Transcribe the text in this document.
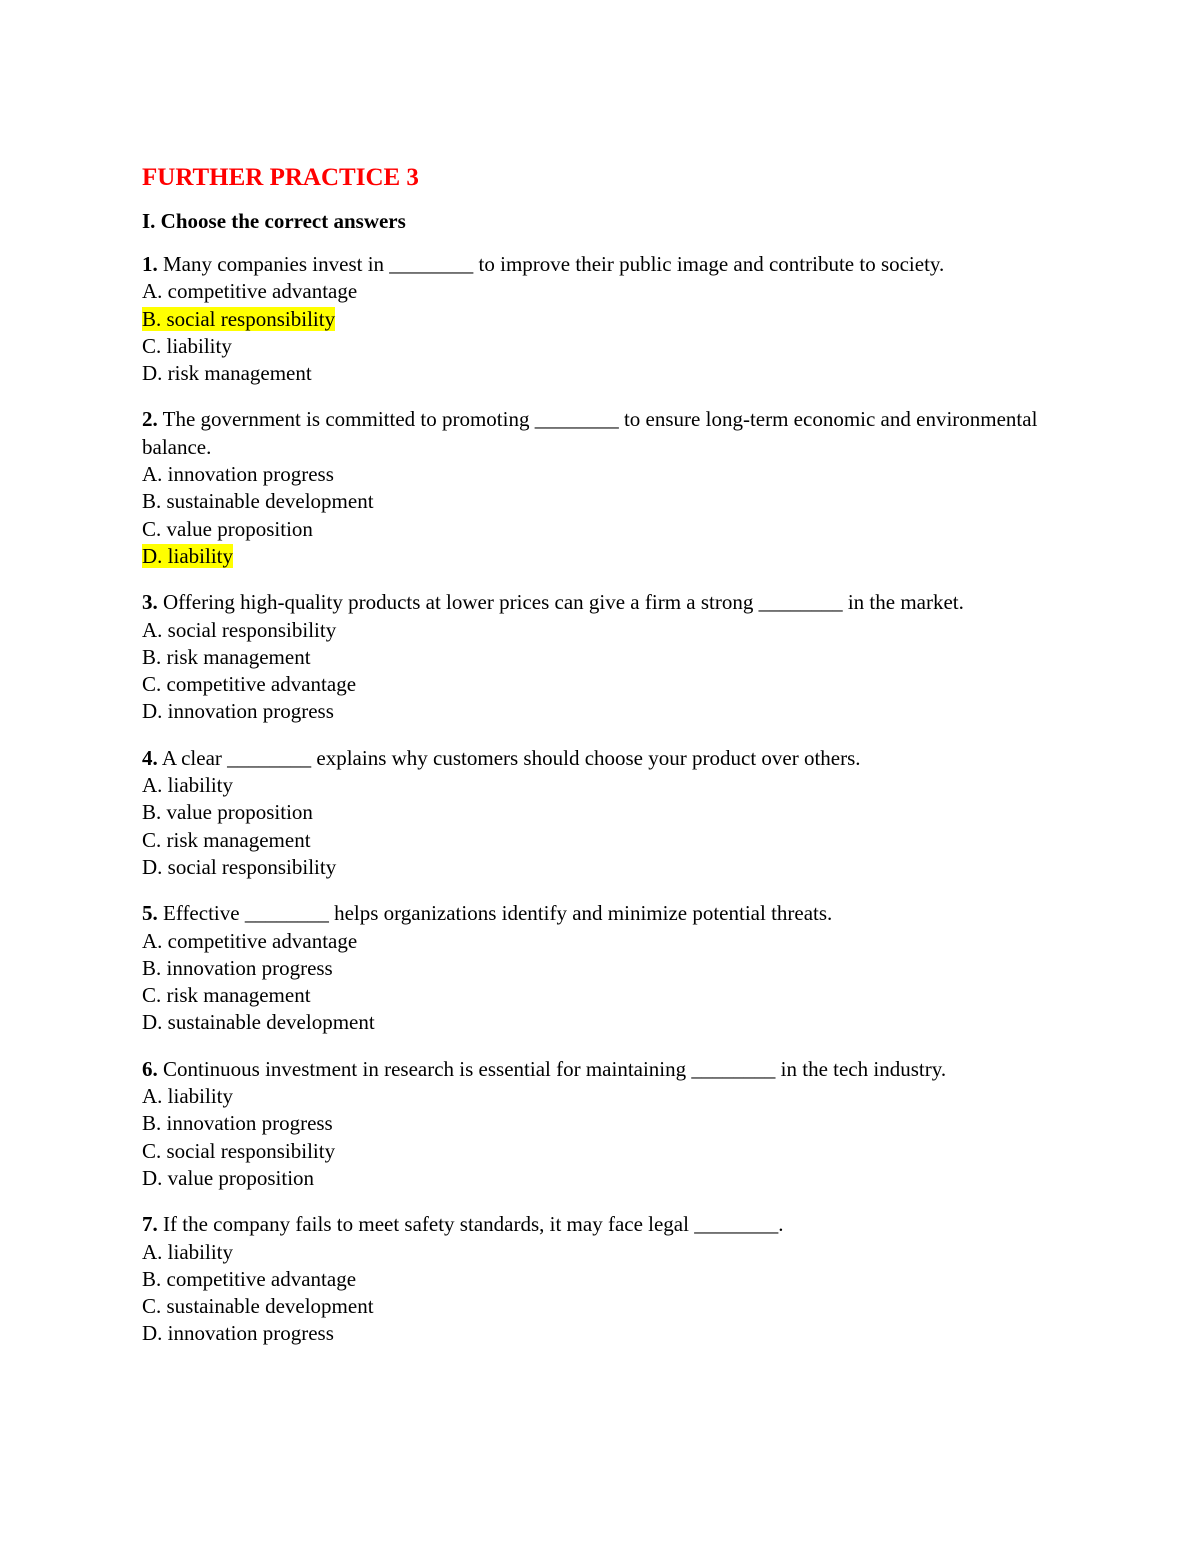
FURTHER PRACTICE 3
I. Choose the correct answers
1. Many companies invest in ________ to improve their public image and contribute to society.
A. competitive advantage
B. social responsibility
C. liability
D. risk management
2. The government is committed to promoting ________ to ensure long-term economic and environmental balance.
A. innovation progress
B. sustainable development
C. value proposition
D. liability
3. Offering high-quality products at lower prices can give a firm a strong ________ in the market.
A. social responsibility
B. risk management
C. competitive advantage
D. innovation progress
4. A clear ________ explains why customers should choose your product over others.
A. liability
B. value proposition
C. risk management
D. social responsibility
5. Effective ________ helps organizations identify and minimize potential threats.
A. competitive advantage
B. innovation progress
C. risk management
D. sustainable development
6. Continuous investment in research is essential for maintaining ________ in the tech industry.
A. liability
B. innovation progress
C. social responsibility
D. value proposition
7. If the company fails to meet safety standards, it may face legal ________.
A. liability
B. competitive advantage
C. sustainable development
D. innovation progress
